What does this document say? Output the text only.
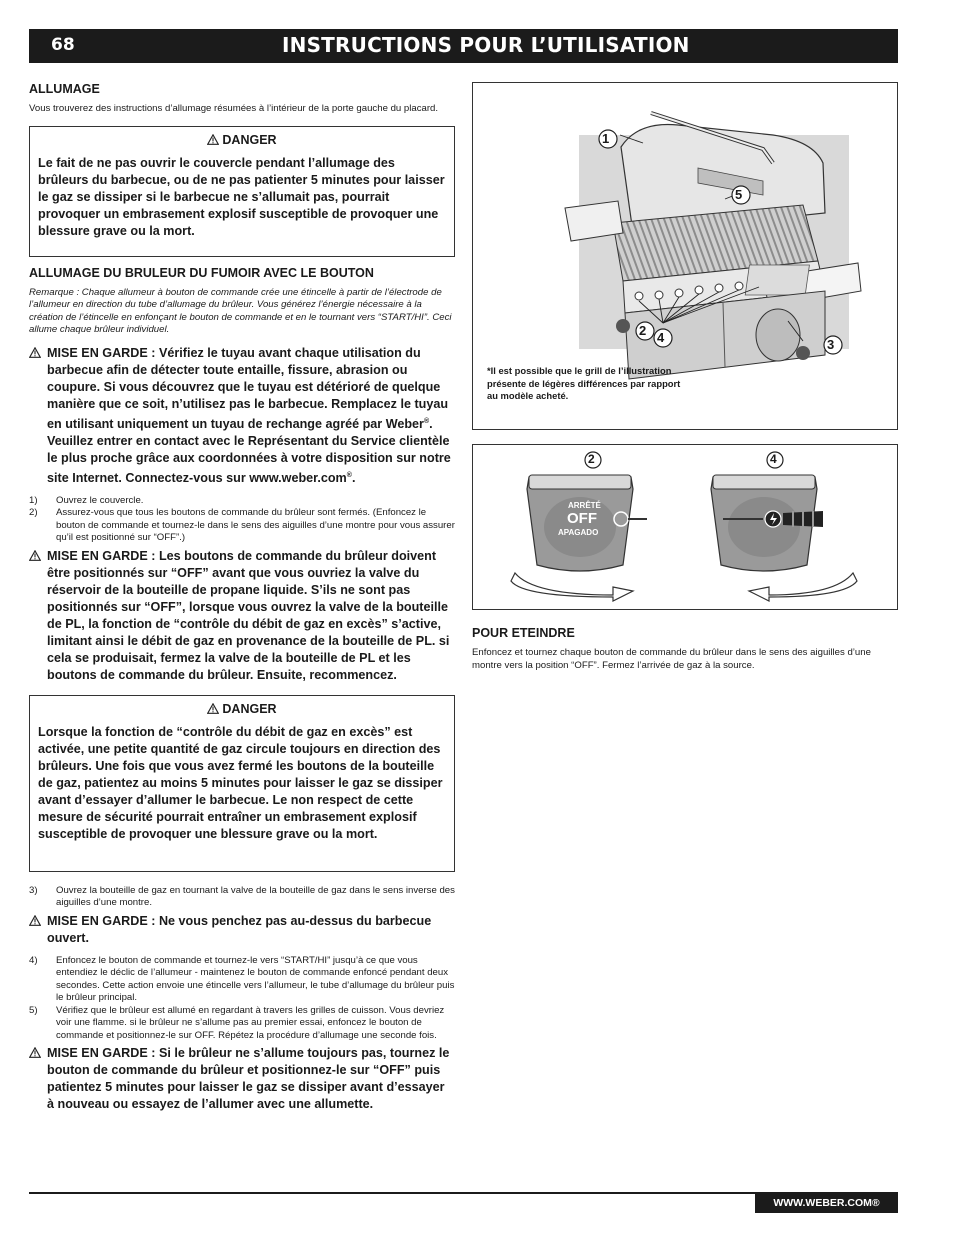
68	INSTRUCTIONS POUR L’UTILISATION
ALLUMAGE
Vous trouverez des instructions d’allumage résumées à l’intérieur de la porte gauche du placard.
DANGER
Le fait de ne pas ouvrir le couvercle pendant l’allumage des brûleurs du barbecue, ou de ne pas patienter 5 minutes pour laisser le gaz se dissiper si le barbecue ne s’allumait pas, pourrait provoquer un embrasement explosif susceptible de provoquer une blessure grave ou la mort.
ALLUMAGE DU BRULEUR DU FUMOIR AVEC LE BOUTON
Remarque : Chaque allumeur à bouton de commande crée une étincelle à partir de l’électrode de l’allumeur en direction du tube d’allumage du brûleur. Vous générez l’énergie nécessaire à la création de l’étincelle en enfonçant le bouton de commande et en le tournant vers “START/HI”. Ceci allume chaque brûleur individuel.
MISE EN GARDE : Vérifiez le tuyau avant chaque utilisation du barbecue afin de détecter toute entaille, fissure, abrasion ou coupure. Si vous découvrez que le tuyau est détérioré de quelque manière que ce soit, n’utilisez pas le barbecue. Remplacez le tuyau en utilisant uniquement un tuyau de rechange agréé par Weber®. Veuillez entrer en contact avec le Représentant du Service clientèle le plus proche grâce aux coordonnées à votre disposition sur notre site Internet. Connectez-vous sur www.weber.com®.
1) Ouvrez le couvercle.
2) Assurez-vous que tous les boutons de commande du brûleur sont fermés. (Enfoncez le bouton de commande et tournez-le dans le sens des aiguilles d’une montre pour vous assurer qu’il est positionné sur “OFF”.)
MISE EN GARDE : Les boutons de commande du brûleur doivent être positionnés sur “OFF” avant que vous ouvriez la valve du réservoir de la bouteille de propane liquide. S’ils ne sont pas positionnés sur “OFF”, lorsque vous ouvrez la valve de la bouteille de PL, la fonction de “contrôle du débit de gaz en excès” s’active, limitant ainsi le débit de gaz en provenance de la bouteille de PL. si cela se produisait, fermez la valve de la bouteille de PL et les boutons de commande du brûleur. Ensuite, recommencez.
DANGER
Lorsque la fonction de “contrôle du débit de gaz en excès” est activée, une petite quantité de gaz circule toujours en direction des brûleurs. Une fois que vous avez fermé les boutons de la bouteille de gaz, patientez au moins 5 minutes pour laisser le gaz se dissiper avant d’essayer d’allumer le barbecue. Le non respect de cette mesure de sécurité pourrait entraîner un embrasement explosif susceptible de provoquer une blessure grave ou la mort.
3) Ouvrez la bouteille de gaz en tournant la valve de la bouteille de gaz dans le sens inverse des aiguilles d’une montre.
MISE EN GARDE : Ne vous penchez pas au-dessus du barbecue ouvert.
4) Enfoncez le bouton de commande et tournez-le vers “START/HI” jusqu’à ce que vous entendiez le déclic de l’allumeur - maintenez le bouton de commande enfoncé pendant deux secondes. Cette action envoie une étincelle vers l’allumeur, le tube d’allumage du brûleur puis le brûleur principal.
5) Vérifiez que le brûleur est allumé en regardant à travers les grilles de cuisson. Vous devriez voir une flamme. si le brûleur ne s’allume pas au premier essai, enfoncez le bouton de commande et positionnez-le sur OFF. Répétez la procédure d’allumage une seconde fois.
MISE EN GARDE : Si le brûleur ne s’allume toujours pas, tournez le bouton de commande du brûleur et positionnez-le sur “OFF” puis patientez 5 minutes pour laisser le gaz se dissiper avant d’essayer à nouveau ou essayez de l’allumer avec une allumette.
1
5
2 4	3
*Il est possible que le grill de l’illustration présente de légères différences par rapport au modèle acheté.
2	4
ARRÊTÉ
OFF
APAGADO
POUR ETEINDRE
Enfoncez et tournez chaque bouton de commande du brûleur dans le sens des aiguilles d’une montre vers la position “OFF”. Fermez l’arrivée de gaz à la source.
WWW.WEBER.COM®
